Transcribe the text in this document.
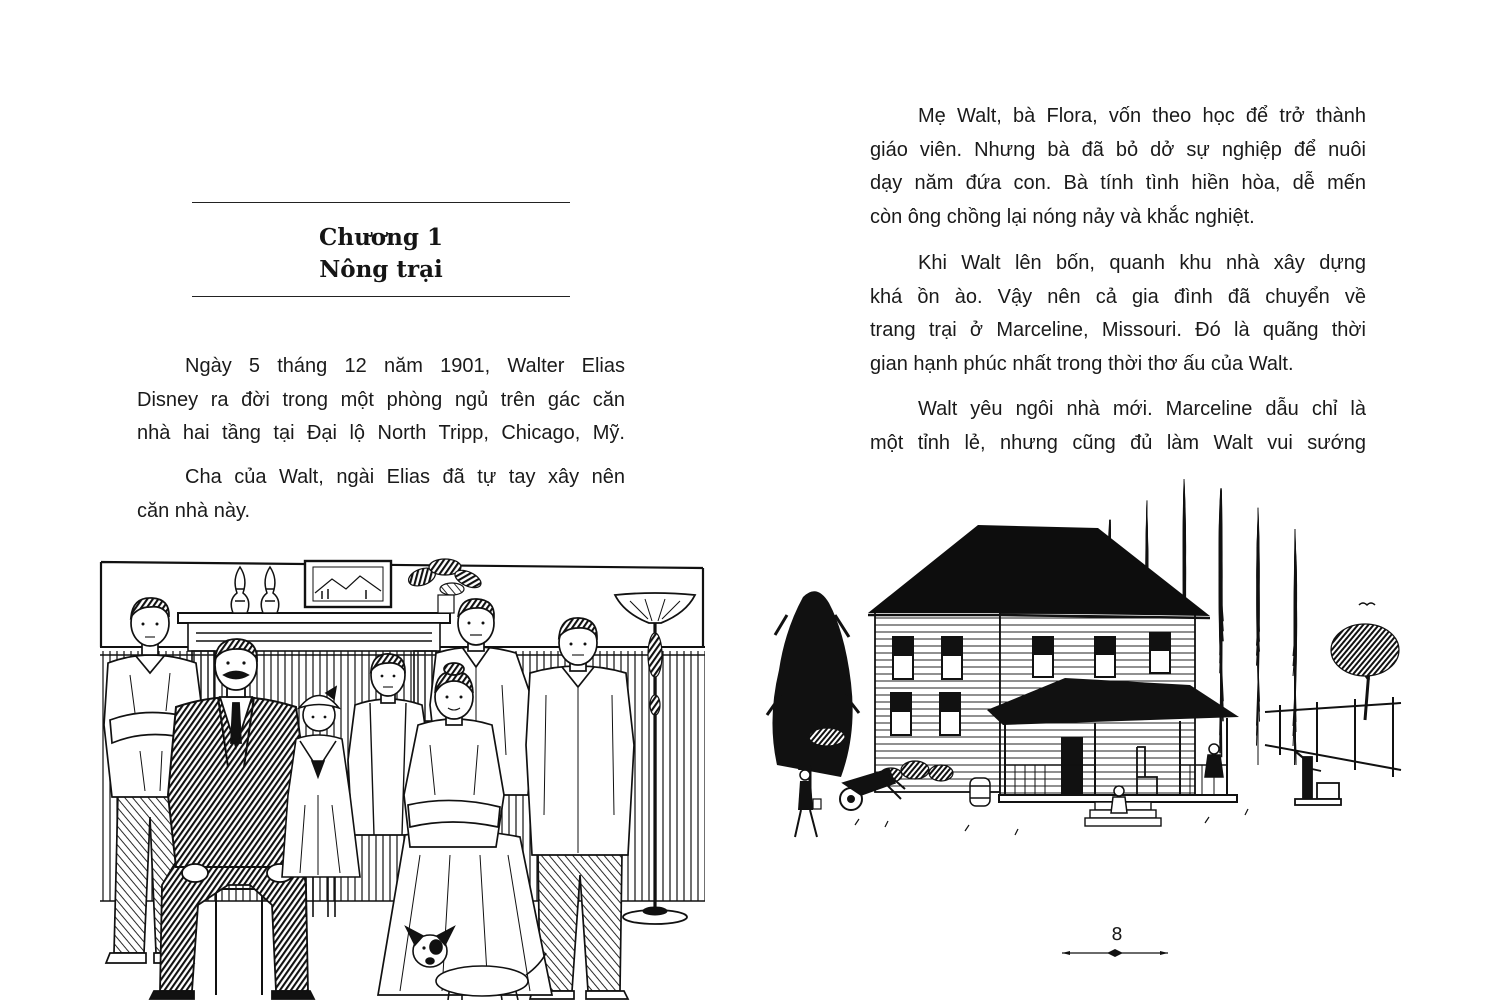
Chương 1
Nông trại
Ngày 5 tháng 12 năm 1901, Walter Elias
Disney ra đời trong một phòng ngủ trên gác căn
nhà hai tầng tại Đại lộ North Tripp, Chicago, Mỹ.
Cha của Walt, ngài Elias đã tự tay xây nên
căn nhà này.
Mẹ Walt, bà Flora, vốn theo học để trở thành
giáo viên. Nhưng bà đã bỏ dở sự nghiệp để nuôi
dạy năm đứa con. Bà tính tình hiền hòa, dễ mến
còn ông chồng lại nóng nảy và khắc nghiệt.
Khi Walt lên bốn, quanh khu nhà xây dựng
khá ồn ào. Vậy nên cả gia đình đã chuyển về
trang trại ở Marceline, Missouri. Đó là quãng thời
gian hạnh phúc nhất trong thời thơ ấu của Walt.
Walt yêu ngôi nhà mới. Marceline dẫu chỉ là
một tỉnh lẻ, nhưng cũng đủ làm Walt vui sướng
8
